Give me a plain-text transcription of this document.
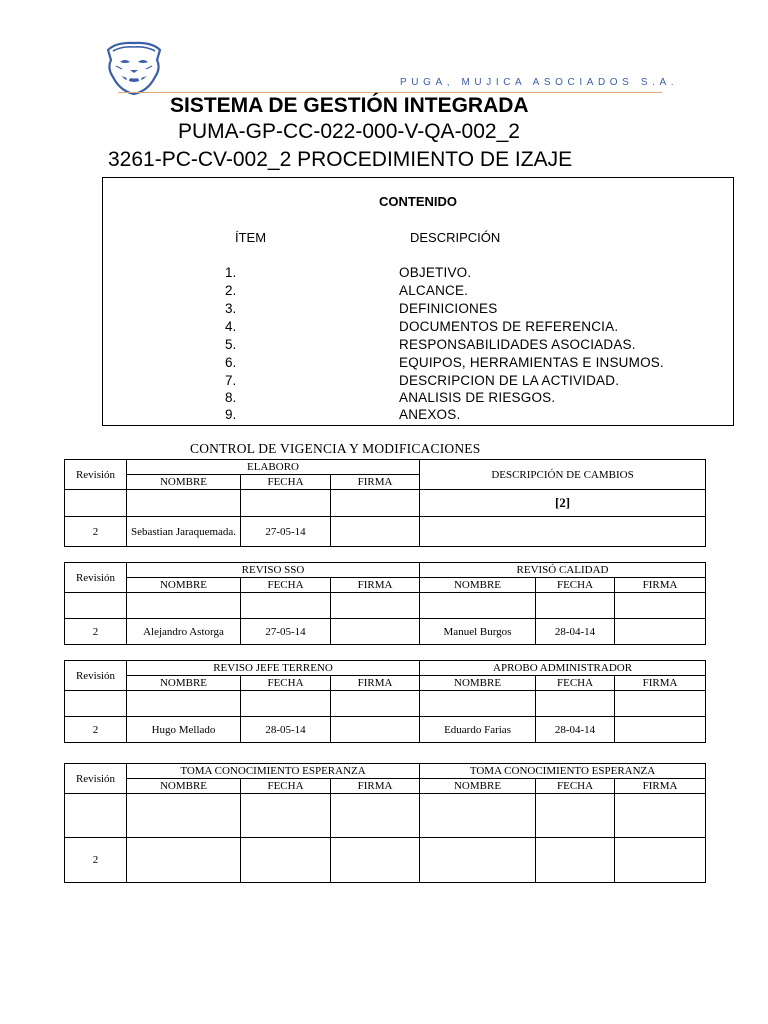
PUGA, MUJICA ASOCIADOS S.A.
SISTEMA DE GESTIÓN INTEGRADA
PUMA-GP-CC-022-000-V-QA-002_2
3261-PC-CV-002_2 PROCEDIMIENTO DE IZAJE
CONTENIDO
ÍTEM	DESCRIPCIÓN
1.	OBJETIVO.
2.	ALCANCE.
3.	DEFINICIONES
4.	DOCUMENTOS DE REFERENCIA.
5.	RESPONSABILIDADES ASOCIADAS.
6.	EQUIPOS, HERRAMIENTAS E INSUMOS.
7.	DESCRIPCION DE LA ACTIVIDAD.
8.	ANALISIS DE RIESGOS.
9.	ANEXOS.
CONTROL DE VIGENCIA Y MODIFICACIONES
Revisión	ELABORO			DESCRIPCIÓN DE CAMBIOS
	NOMBRE	FECHA	FIRMA	
				[2]
2	Sebastian Jaraquemada.	27-05-14		
Revisión	REVISO SSO			REVISÓ CALIDAD		
	NOMBRE	FECHA	FIRMA	NOMBRE	FECHA	FIRMA

2	Alejandro Astorga	27-05-14		Manuel Burgos	28-04-14	
Revisión	REVISO JEFE TERRENO			APROBO ADMINISTRADOR		
	NOMBRE	FECHA	FIRMA	NOMBRE	FECHA	FIRMA

2	Hugo Mellado	28-05-14		Eduardo Farias	28-04-14	
Revisión	TOMA CONOCIMIENTO ESPERANZA			TOMA CONOCIMIENTO ESPERANZA		
	NOMBRE	FECHA	FIRMA	NOMBRE	FECHA	FIRMA

2						
